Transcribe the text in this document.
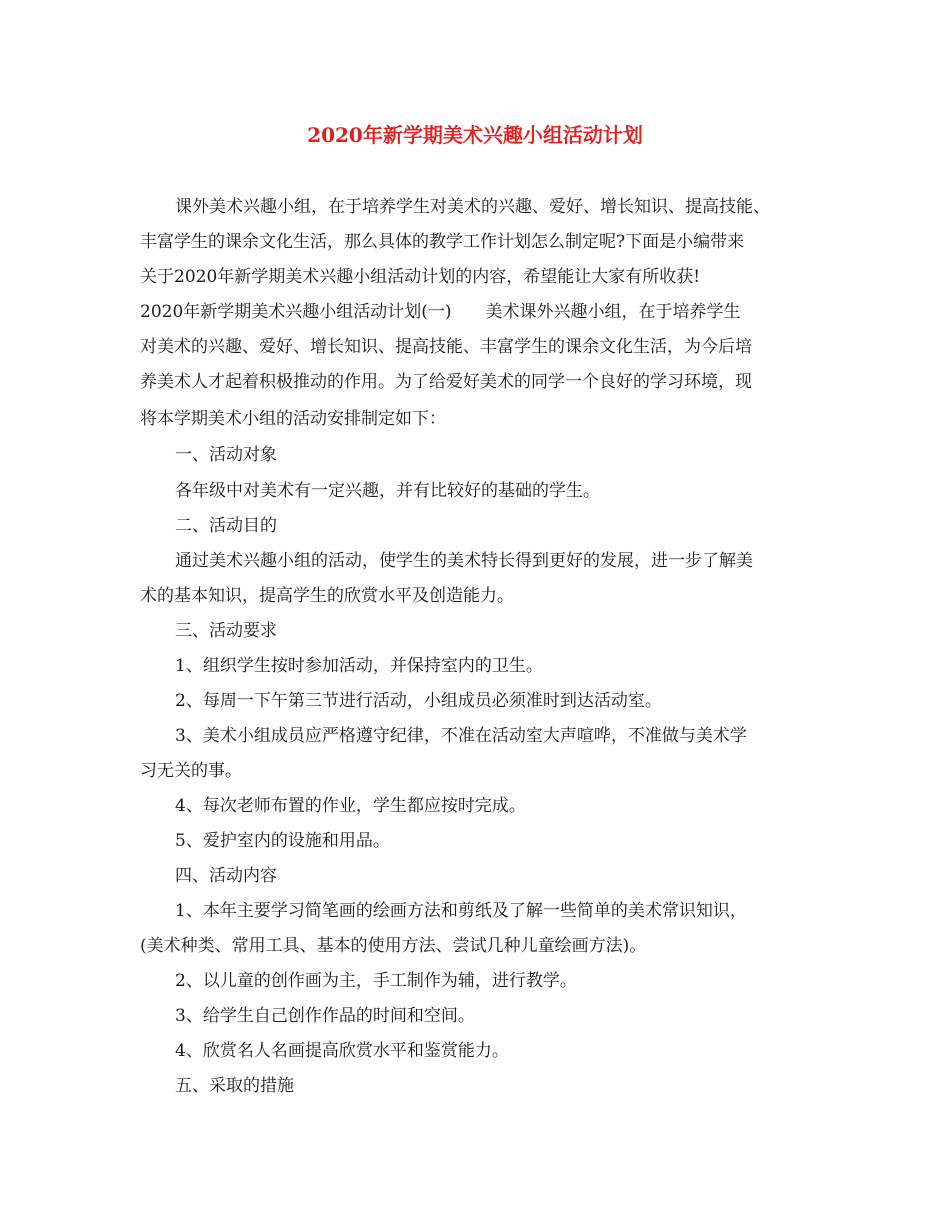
2020年新学期美术兴趣小组活动计划
课外美术兴趣小组，在于培养学生对美术的兴趣、爱好、增长知识、提高技能、
丰富学生的课余文化生活，那么具体的教学工作计划怎么制定呢?下面是小编带来
关于2020年新学期美术兴趣小组活动计划的内容，希望能让大家有所收获!
2020年新学期美术兴趣小组活动计划(一)　　美术课外兴趣小组，在于培养学生
对美术的兴趣、爱好、增长知识、提高技能、丰富学生的课余文化生活，为今后培
养美术人才起着积极推动的作用。为了给爱好美术的同学一个良好的学习环境，现
将本学期美术小组的活动安排制定如下：
一、活动对象
各年级中对美术有一定兴趣，并有比较好的基础的学生。
二、活动目的
通过美术兴趣小组的活动，使学生的美术特长得到更好的发展，进一步了解美
术的基本知识，提高学生的欣赏水平及创造能力。
三、活动要求
1、组织学生按时参加活动，并保持室内的卫生。
2、每周一下午第三节进行活动，小组成员必须准时到达活动室。
3、美术小组成员应严格遵守纪律，不准在活动室大声喧哗，不准做与美术学
习无关的事。
4、每次老师布置的作业，学生都应按时完成。
5、爱护室内的设施和用品。
四、活动内容
1、本年主要学习简笔画的绘画方法和剪纸及了解一些简单的美术常识知识，
(美术种类、常用工具、基本的使用方法、尝试几种儿童绘画方法)。
2、以儿童的创作画为主，手工制作为辅，进行教学。
3、给学生自己创作作品的时间和空间。
4、欣赏名人名画提高欣赏水平和鉴赏能力。
五、采取的措施
